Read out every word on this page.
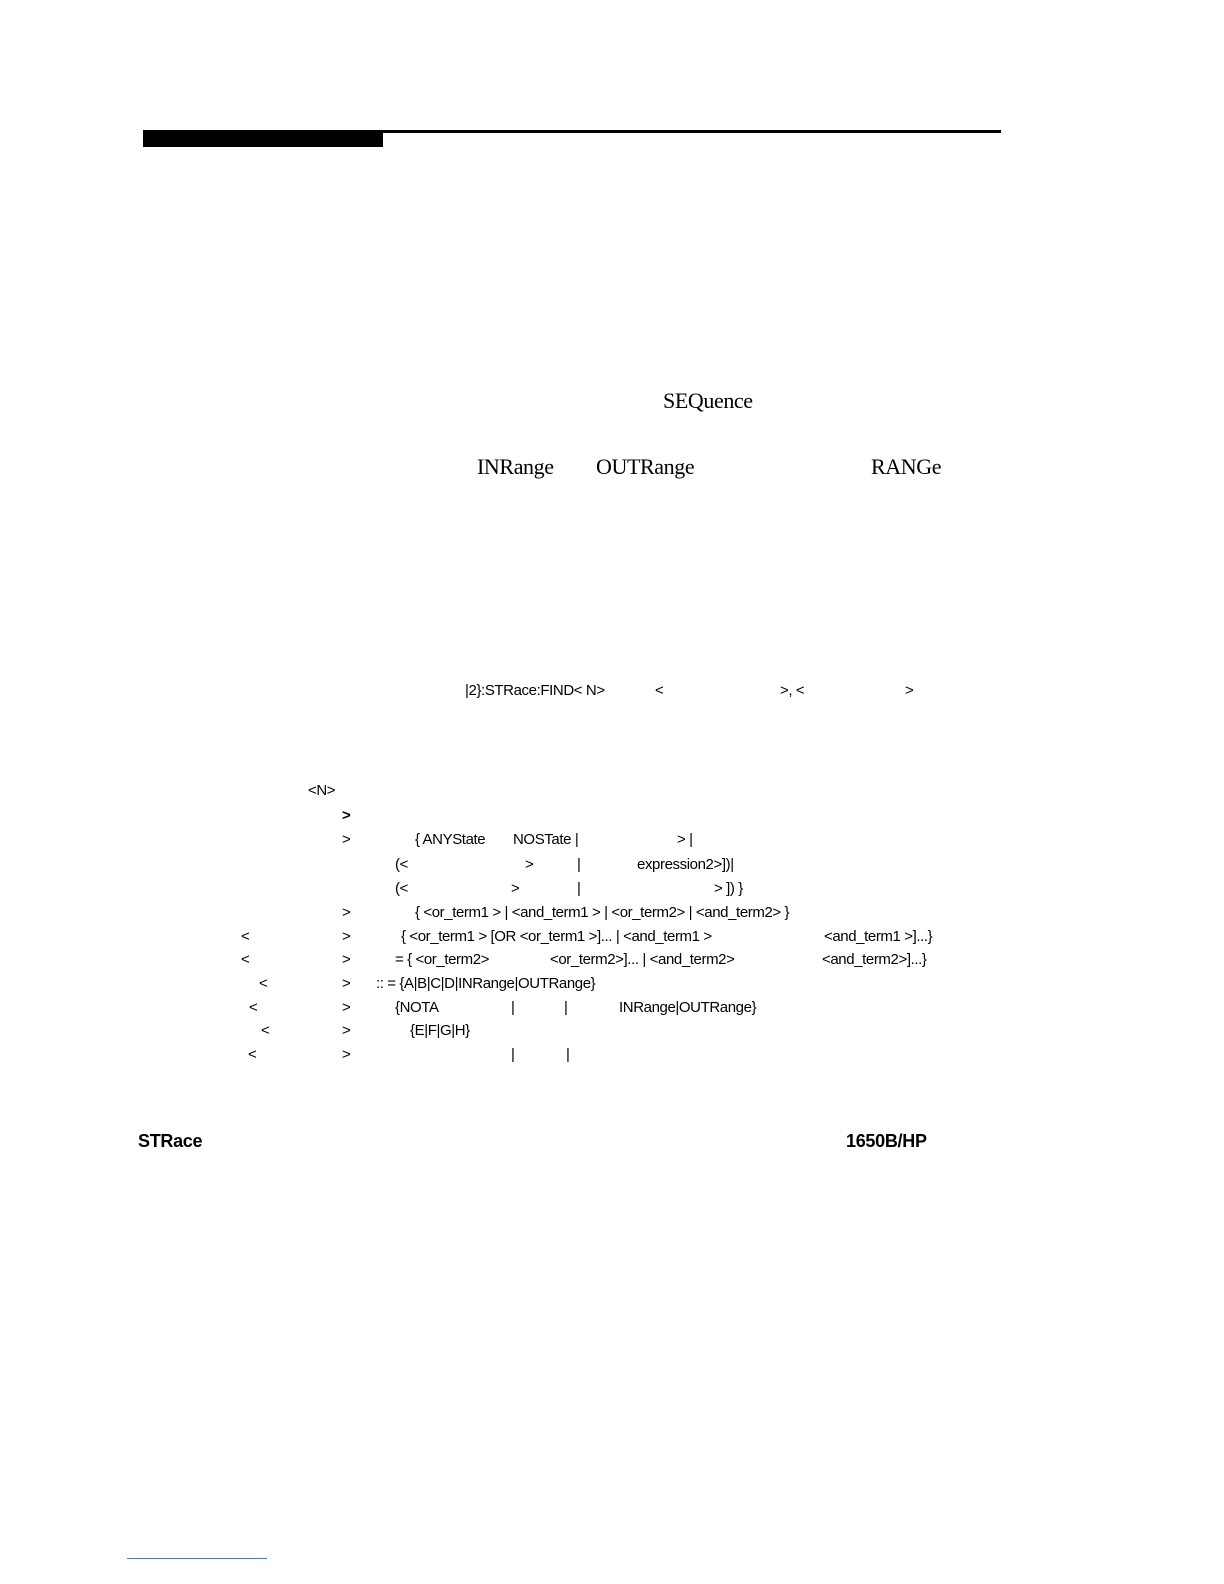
SEQuence
INRange OUTRange	RANGe
|2}:STRace:FIND< N>	<	>, <	>
<N>
>
>	{ ANYState NOSTate |	> |
(<	>	|	expression2>])|
(<	>	|	> ]) }
>	{ <or_term1 > | <and_term1 > | <or_term2> | <and_term2> }
<	>	{ <or_term1 > [OR <or_term1 >]... | <and_term1 >	<and_term1 >]...}
<	>	= { <or_term2>	<or_term2>]... | <and_term2>	<and_term2>]...}
<	> :: = {A|B|C|D|INRange|OUTRange}
<	>	{NOTA	|	|	INRange|OUTRange}
<	>	{E|F|G|H}
<	>	|	|
STRace	1650B/HP
